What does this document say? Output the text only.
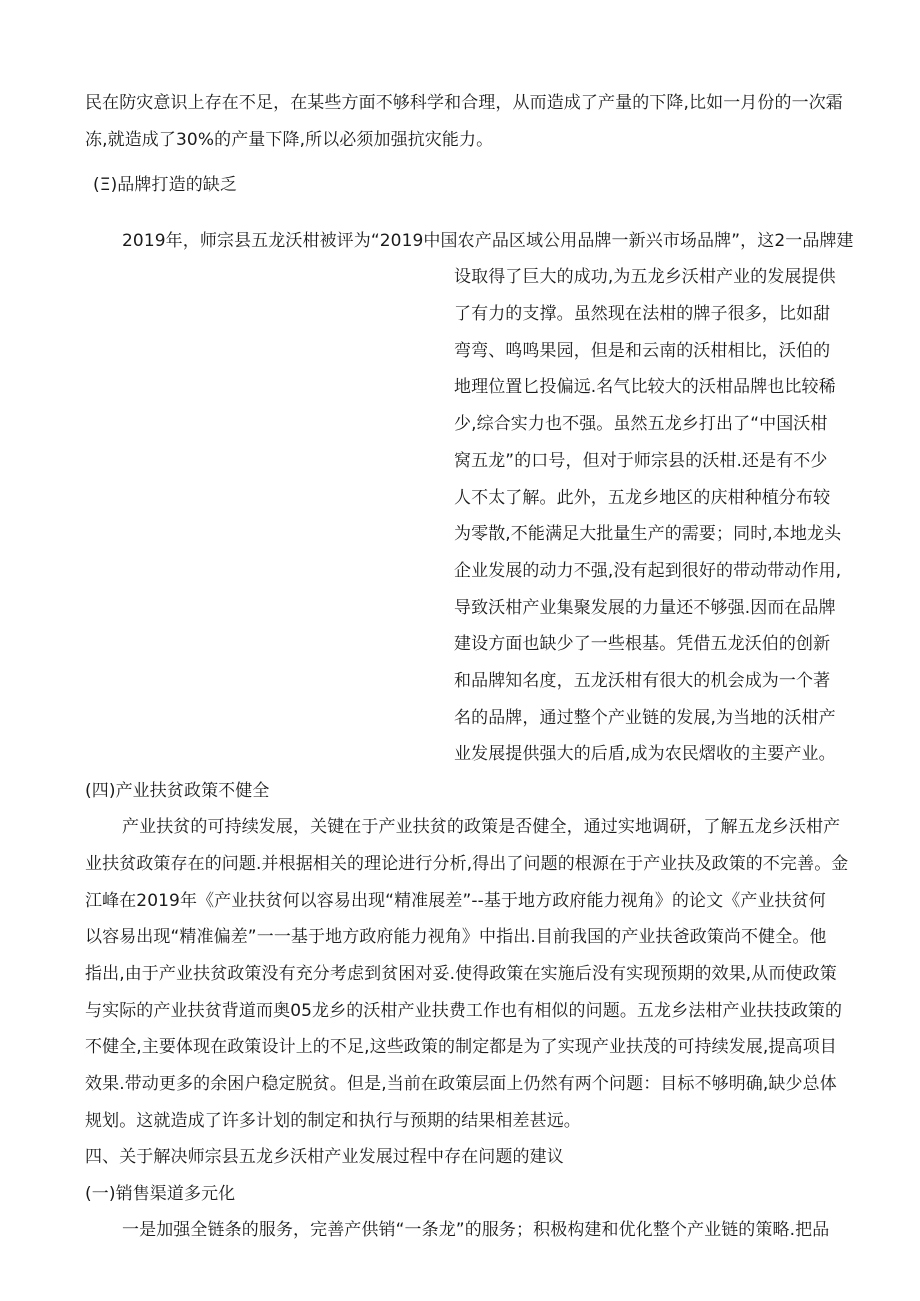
民在防灾意识上存在不足，在某些方面不够科学和合理，从而造成了产量的下降,比如一月份的一次霜
冻,就造成了30%的产量下降,所以必须加强抗灾能力。
(Ξ)品牌打造的缺乏
2019年，师宗县五龙沃柑被评为“2019中国农产品区域公用品牌一新兴市场品牌”，这2一品牌建
设取得了巨大的成功,为五龙乡沃柑产业的发展提供
了有力的支撑。虽然现在法柑的牌子很多，比如甜
弯弯、鸣鸣果园，但是和云南的沃柑相比，沃伯的
地理位置匕投偏远.名气比较大的沃柑品牌也比较稀
少,综合实力也不强。虽然五龙乡打出了“中国沃柑
窝五龙”的口号，但对于师宗县的沃柑.还是有不少
人不太了解。此外，五龙乡地区的庆柑种植分布较
为零散,不能满足大批量生产的需要；同时,本地龙头
企业发展的动力不强,没有起到很好的带动带动作用,
导致沃柑产业集聚发展的力量还不够强.因而在品牌
建设方面也缺少了一些根基。凭借五龙沃伯的创新
和品牌知名度，五龙沃柑有很大的机会成为一个著
名的品牌，通过整个产业链的发展,为当地的沃柑产
业发展提供强大的后盾,成为农民熠收的主要产业。
(四)产业扶贫政策不健全
产业扶贫的可持续发展，关键在于产业扶贫的政策是否健全，通过实地调研，了解五龙乡沃柑产
业扶贫政策存在的问题.并根据相关的理论进行分析,得出了问题的根源在于产业扶及政策的不完善。金
江峰在2019年《产业扶贫何以容易出现“精准展差”--基于地方政府能力视角》的论文《产业扶贫何
以容易出现“精准偏差”一一基于地方政府能力视角》中指出.目前我国的产业扶爸政策尚不健全。他
指出,由于产业扶贫政策没有充分考虑到贫困对妥.使得政策在实施后没有实现预期的效果,从而使政策
与实际的产业扶贫背道而奥05龙乡的沃柑产业扶费工作也有相似的问题。五龙乡法柑产业扶技政策的
不健全,主要体现在政策设计上的不足,这些政策的制定都是为了实现产业扶茂的可持续发展,提高项目
效果.带动更多的余困户稳定脱贫。但是,当前在政策层面上仍然有两个问题：目标不够明确,缺少总体
规划。这就造成了许多计划的制定和执行与预期的结果相差甚远。
四、关于解决师宗县五龙乡沃柑产业发展过程中存在问题的建议
(一)销售渠道多元化
一是加强全链条的服务，完善产供销“一条龙”的服务；积极构建和优化整个产业链的策略.把品
